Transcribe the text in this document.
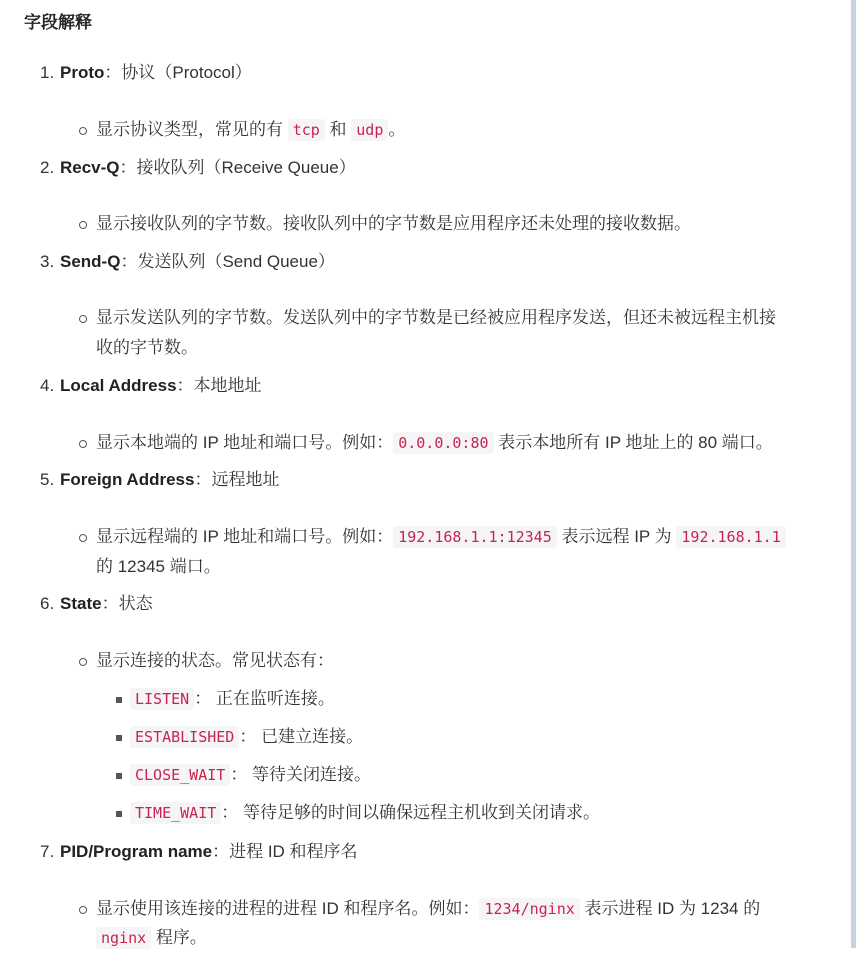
字段解释
1. Proto：协议（Protocol）
显示协议类型，常见的有 tcp 和 udp 。
2. Recv-Q：接收队列（Receive Queue）
显示接收队列的字节数。接收队列中的字节数是应用程序还未处理的接收数据。
3. Send-Q：发送队列（Send Queue）
显示发送队列的字节数。发送队列中的字节数是已经被应用程序发送，但还未被远程主机接
收的字节数。
4. Local Address：本地地址
显示本地端的 IP 地址和端口号。例如： 0.0.0.0:80 表示本地所有 IP 地址上的 80 端口。
5. Foreign Address：远程地址
显示远程端的 IP 地址和端口号。例如： 192.168.1.1:12345 表示远程 IP 为 192.168.1.1
的 12345 端口。
6. State：状态
显示连接的状态。常见状态有：
LISTEN ： 正在监听连接。
ESTABLISHED ： 已建立连接。
CLOSE_WAIT ： 等待关闭连接。
TIME_WAIT ： 等待足够的时间以确保远程主机收到关闭请求。
7. PID/Program name：进程 ID 和程序名
显示使用该连接的进程的进程 ID 和程序名。例如： 1234/nginx 表示进程 ID 为 1234 的
nginx 程序。
